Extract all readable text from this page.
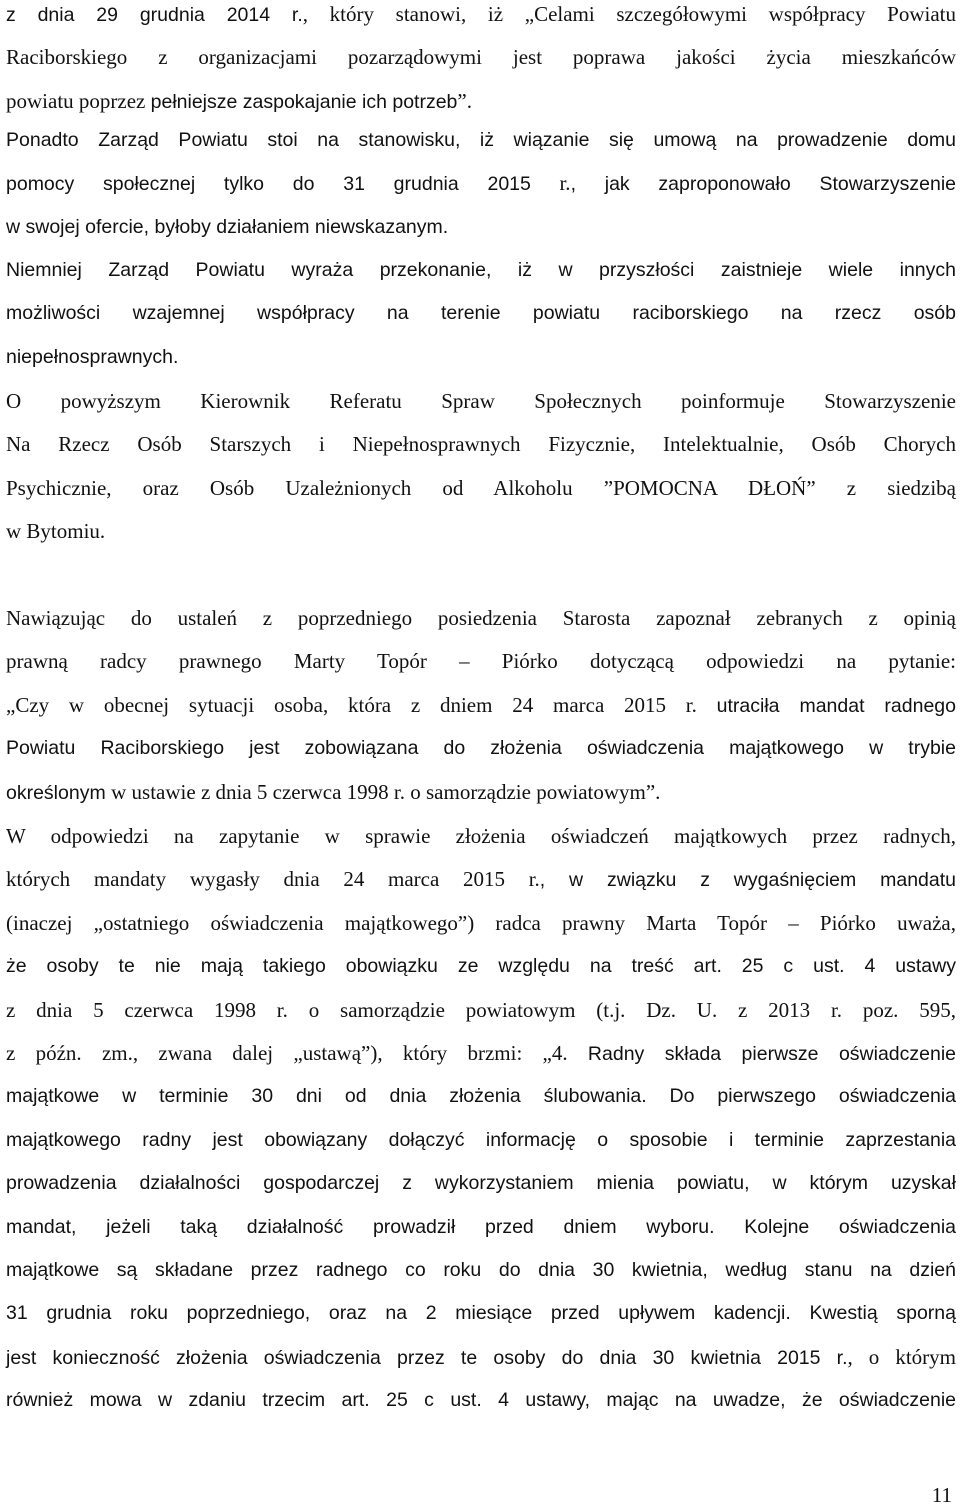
z dnia 29 grudnia 2014 r., który stanowi, iż „Celami szczegółowymi współpracy Powiatu
Raciborskiego z organizacjami pozarządowymi jest poprawa jakości życia mieszkańców
powiatu poprzez pełniejsze zaspokajanie ich potrzeb”.
Ponadto Zarząd Powiatu stoi na stanowisku, iż wiązanie się umową na prowadzenie domu
pomocy społecznej tylko do 31 grudnia 2015 r., jak zaproponowało Stowarzyszenie
w swojej ofercie, byłoby działaniem niewskazanym.
Niemniej Zarząd Powiatu wyraża przekonanie, iż w przyszłości zaistnieje wiele innych
możliwości wzajemnej współpracy na terenie powiatu raciborskiego na rzecz osób
niepełnosprawnych.
O powyższym Kierownik Referatu Spraw Społecznych poinformuje Stowarzyszenie
Na Rzecz Osób Starszych i Niepełnosprawnych Fizycznie, Intelektualnie, Osób Chorych
Psychicznie, oraz Osób Uzależnionych od Alkoholu ”POMOCNA DŁOŃ” z siedzibą
w Bytomiu.
Nawiązując do ustaleń z poprzedniego posiedzenia Starosta zapoznał zebranych z opinią
prawną radcy prawnego Marty Topór – Piórko dotyczącą odpowiedzi na pytanie:
„Czy w obecnej sytuacji osoba, która z dniem 24 marca 2015 r. utraciła mandat radnego
Powiatu Raciborskiego jest zobowiązana do złożenia oświadczenia majątkowego w trybie
określonym w ustawie z dnia 5 czerwca 1998 r. o samorządzie powiatowym”.
W odpowiedzi na zapytanie w sprawie złożenia oświadczeń majątkowych przez radnych,
których mandaty wygasły dnia 24 marca 2015 r., w związku z wygaśnięciem mandatu
(inaczej „ostatniego oświadczenia majątkowego”) radca prawny Marta Topór – Piórko uważa,
że osoby te nie mają takiego obowiązku ze względu na treść art. 25 c ust. 4 ustawy
z dnia 5 czerwca 1998 r. o samorządzie powiatowym (t.j. Dz. U. z 2013 r. poz. 595,
z późn. zm., zwana dalej „ustawą”), który brzmi: „4. Radny składa pierwsze oświadczenie
majątkowe w terminie 30 dni od dnia złożenia ślubowania. Do pierwszego oświadczenia
majątkowego radny jest obowiązany dołączyć informację o sposobie i terminie zaprzestania
prowadzenia działalności gospodarczej z wykorzystaniem mienia powiatu, w którym uzyskał
mandat, jeżeli taką działalność prowadził przed dniem wyboru. Kolejne oświadczenia
majątkowe są składane przez radnego co roku do dnia 30 kwietnia, według stanu na dzień
31 grudnia roku poprzedniego, oraz na 2 miesiące przed upływem kadencji. Kwestią sporną
jest konieczność złożenia oświadczenia przez te osoby do dnia 30 kwietnia 2015 r., o którym
również mowa w zdaniu trzecim art. 25 c ust. 4 ustawy, mając na uwadze, że oświadczenie

11
